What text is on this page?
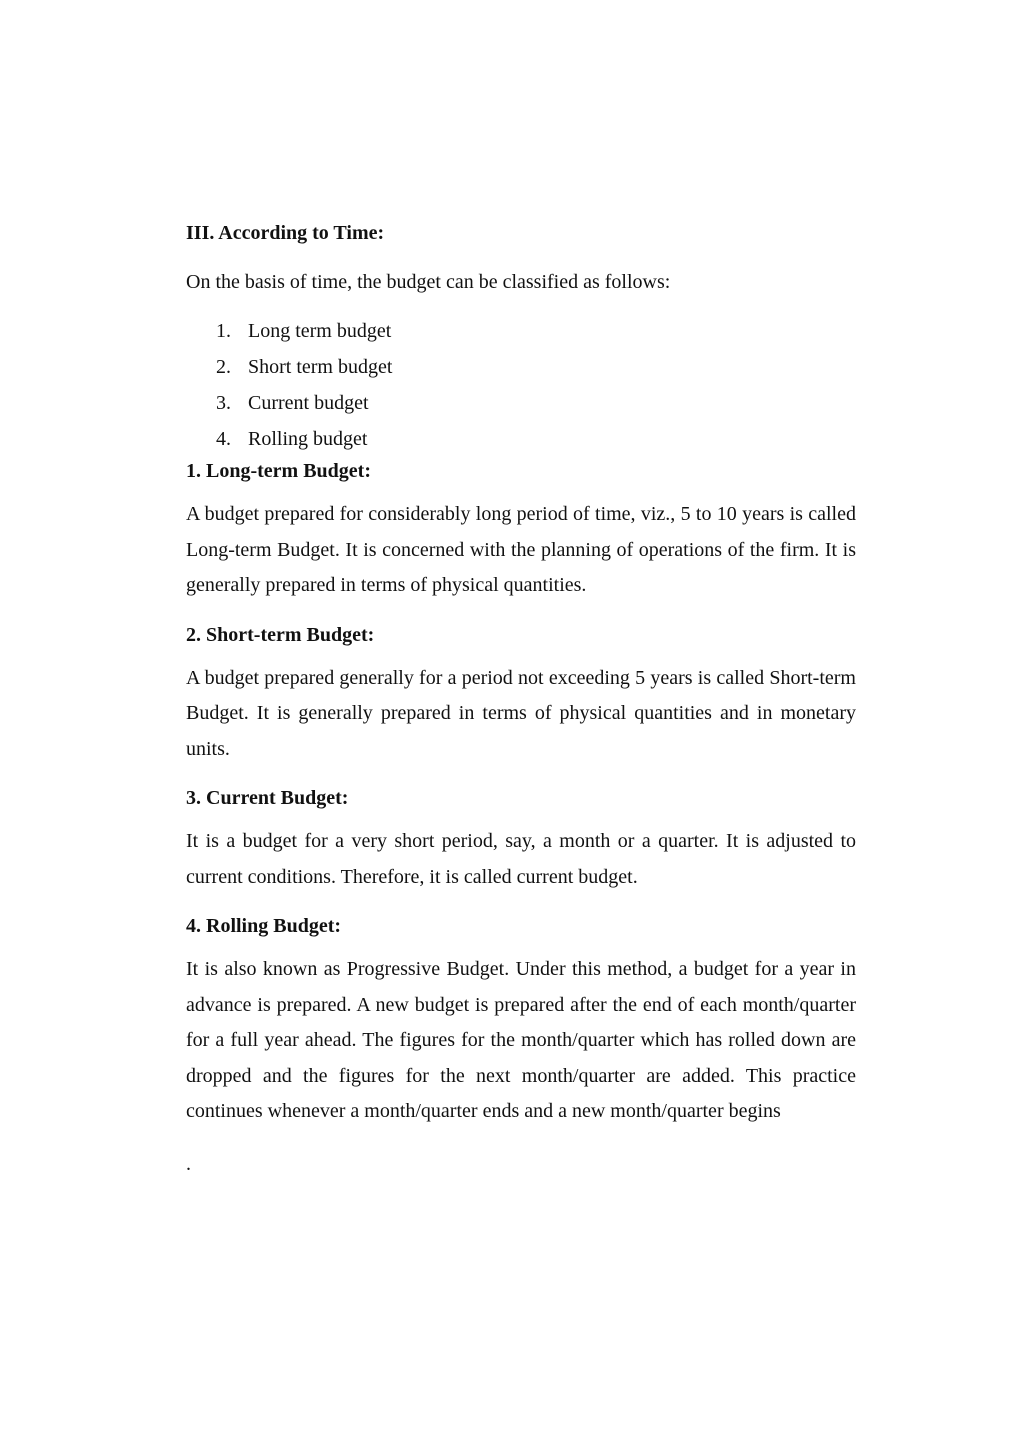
III. According to Time:

On the basis of time, the budget can be classified as follows:

1. Long term budget
2. Short term budget
3. Current budget
4. Rolling budget

1. Long-term Budget:

A budget prepared for considerably long period of time, viz., 5 to 10 years is called Long-term Budget. It is concerned with the planning of operations of the firm. It is generally prepared in terms of physical quantities.

2. Short-term Budget:

A budget prepared generally for a period not exceeding 5 years is called Short-term Budget. It is generally prepared in terms of physical quantities and in monetary units.

3. Current Budget:

It is a budget for a very short period, say, a month or a quarter. It is adjusted to current conditions. Therefore, it is called current budget.

4. Rolling Budget:

It is also known as Progressive Budget. Under this method, a budget for a year in advance is prepared. A new budget is prepared after the end of each month/quarter for a full year ahead. The figures for the month/quarter which has rolled down are dropped and the figures for the next month/quarter are added. This practice continues whenever a month/quarter ends and a new month/quarter begins

.
